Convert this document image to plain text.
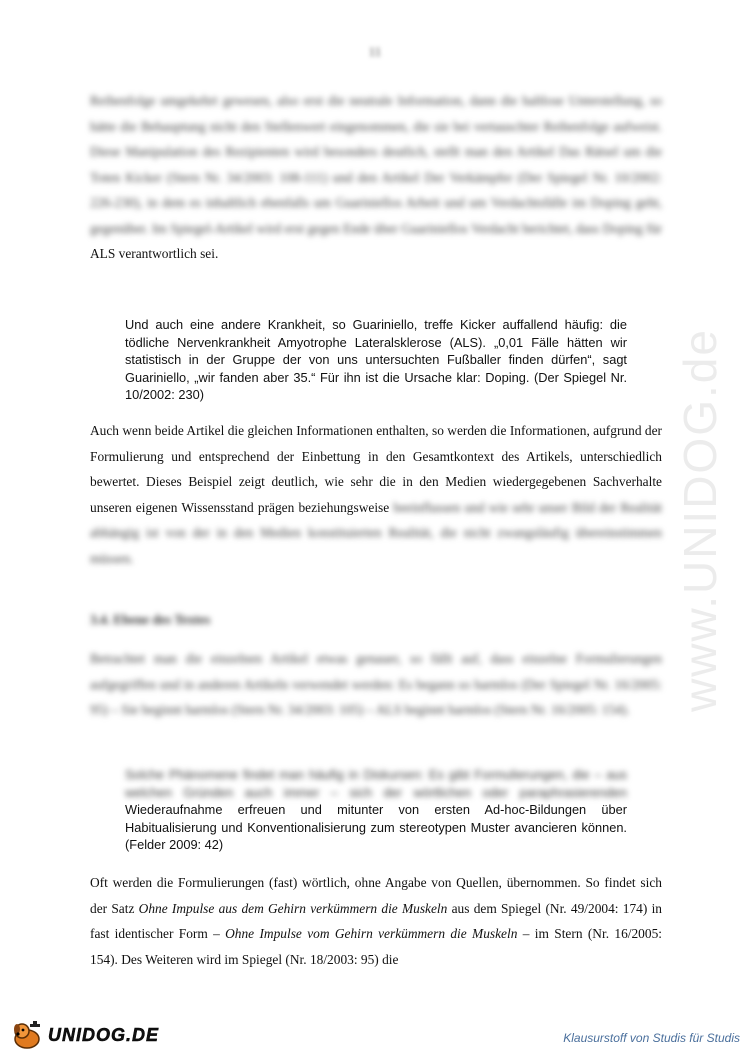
11
www.UNIDOG.de

Reihenfolge umgekehrt gewesen, also erst die neutrale Information, dann die haltlose Unterstellung, so hätte die Behauptung nicht den Stellenwert eingenommen, die sie bei vertauschter Reihenfolge aufweist. Diese Manipulation des Rezipienten wird besonders deutlich, stellt man den Artikel Das Rätsel um die Toten Kicker (Stern Nr. 34/2003: 108-111) und den Artikel Der Verkämpfer (Der Spiegel Nr. 10/2002: 226-230), in dem es inhaltlich ebenfalls um Guariniellos Arbeit und um Verdachtsfälle im Doping geht, gegenüber. Im Spiegel-Artikel wird erst gegen Ende über Guariniellos Verdacht berichtet, dass Doping für ALS verantwortlich sei.

Und auch eine andere Krankheit, so Guariniello, treffe Kicker auffallend häufig: die tödliche Nervenkrankheit Amyotrophe Lateralsklerose (ALS). „0,01 Fälle hätten wir statistisch in der Gruppe der von uns untersuchten Fußballer finden dürfen“, sagt Guariniello, „wir fanden aber 35.“ Für ihn ist die Ursache klar: Doping. (Der Spiegel Nr. 10/2002: 230)

Auch wenn beide Artikel die gleichen Informationen enthalten, so werden die Informationen, aufgrund der Formulierung und entsprechend der Einbettung in den Gesamtkontext des Artikels, unterschiedlich bewertet. Dieses Beispiel zeigt deutlich, wie sehr die in den Medien wiedergegebenen Sachverhalte unseren eigenen Wissensstand prägen beziehungsweise beeinflussen und wie sehr unser Bild der Realität abhängig ist von der in den Medien konstituierten Realität, die nicht zwangsläufig übereinstimmen müssen.

3.4. Ebene des Textes

Betrachtet man die einzelnen Artikel etwas genauer, so fällt auf, dass einzelne Formulierungen aufgegriffen und in anderen Artikeln verwendet werden: Es begann so harmlos (Der Spiegel Nr. 16/2005: 95) – Sie beginnt harmlos (Stern Nr. 34/2003: 105) – ALS beginnt harmlos (Stern Nr. 16/2005: 154).

Solche Phänomene findet man häufig in Diskursen: Es gibt Formulierungen, die – aus welchen Gründen auch immer – sich der wörtlichen oder paraphrasierenden Wiederaufnahme erfreuen und mitunter von ersten Ad-hoc-Bildungen über Habitualisierung und Konventionalisierung zum stereotypen Muster avancieren können. (Felder 2009: 42)

Oft werden die Formulierungen (fast) wörtlich, ohne Angabe von Quellen, übernommen. So findet sich der Satz Ohne Impulse aus dem Gehirn verkümmern die Muskeln aus dem Spiegel (Nr. 49/2004: 174) in fast identischer Form – Ohne Impulse vom Gehirn verkümmern die Muskeln – im Stern (Nr. 16/2005: 154). Des Weiteren wird im Spiegel (Nr. 18/2003: 95) die

UNIDOG.DE	Klausurstoff von Studis für Studis
